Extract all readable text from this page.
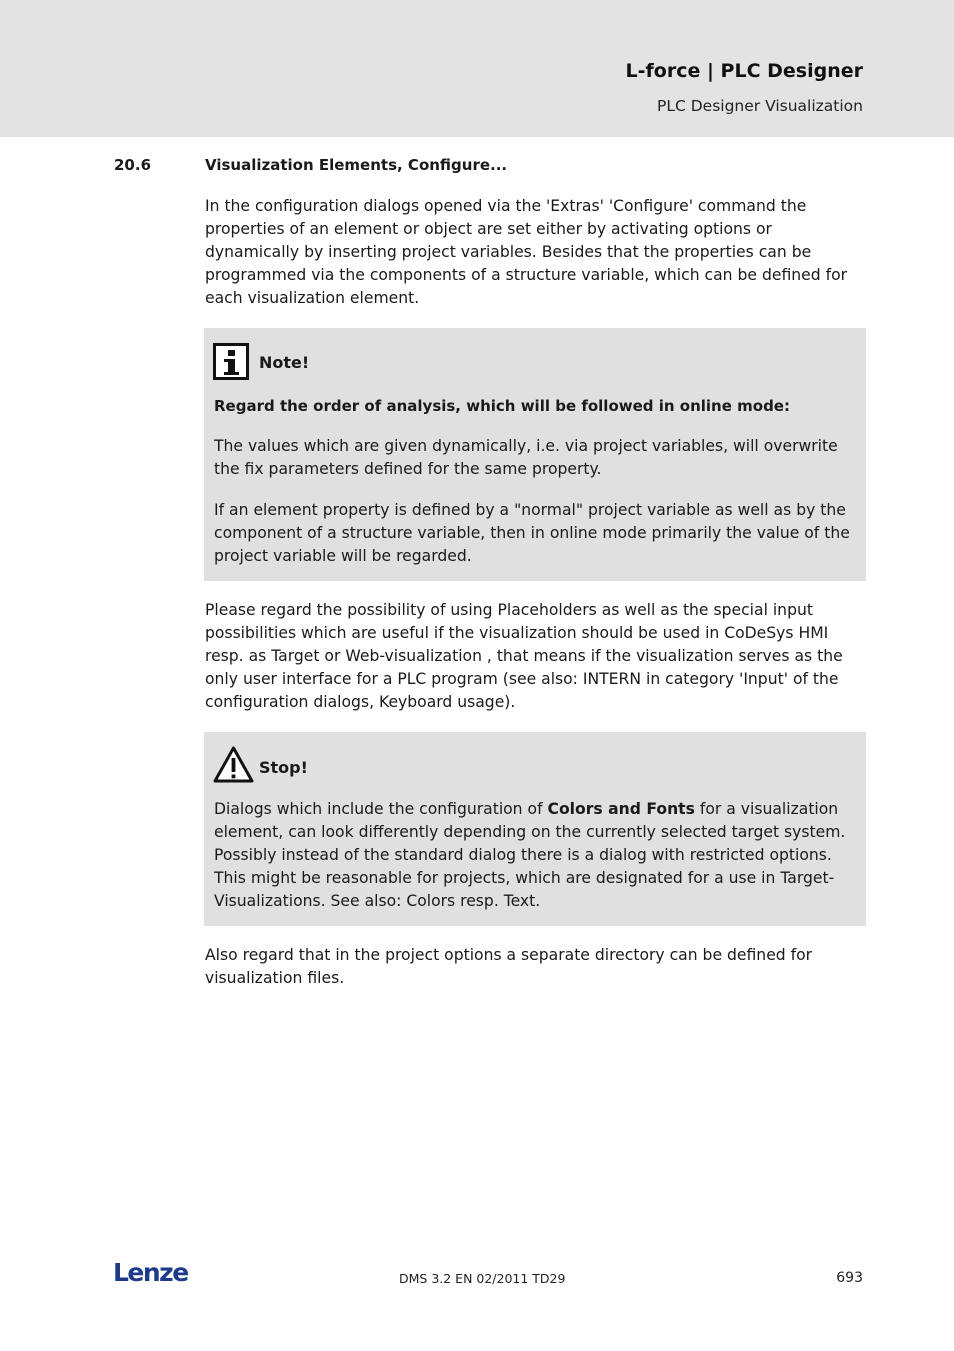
L-force | PLC Designer
PLC Designer Visualization
20.6	Visualization Elements, Configure...

In the configuration dialogs opened via the 'Extras' 'Configure' command the properties of an element or object are set either by activating options or dynamically by inserting project variables. Besides that the properties can be programmed via the components of a structure variable, which can be defined for each visualization element.

Note!

Regard the order of analysis, which will be followed in online mode:

The values which are given dynamically, i.e. via project variables, will overwrite the fix parameters defined for the same property.

If an element property is defined by a "normal" project variable as well as by the component of a structure variable, then in online mode primarily the value of the project variable will be regarded.

Please regard the possibility of using Placeholders as well as the special input possibilities which are useful if the visualization should be used in CoDeSys HMI resp. as Target or Web-visualization , that means if the visualization serves as the only user interface for a PLC program (see also: INTERN in category 'Input' of the configuration dialogs, Keyboard usage).

Stop!

Dialogs which include the configuration of Colors and Fonts for a visualization element, can look differently depending on the currently selected target system. Possibly instead of the standard dialog there is a dialog with restricted options. This might be reasonable for projects, which are designated for a use in Target-Visualizations. See also: Colors resp. Text.

Also regard that in the project options a separate directory can be defined for visualization files.

Lenze	DMS 3.2 EN 02/2011 TD29	693
